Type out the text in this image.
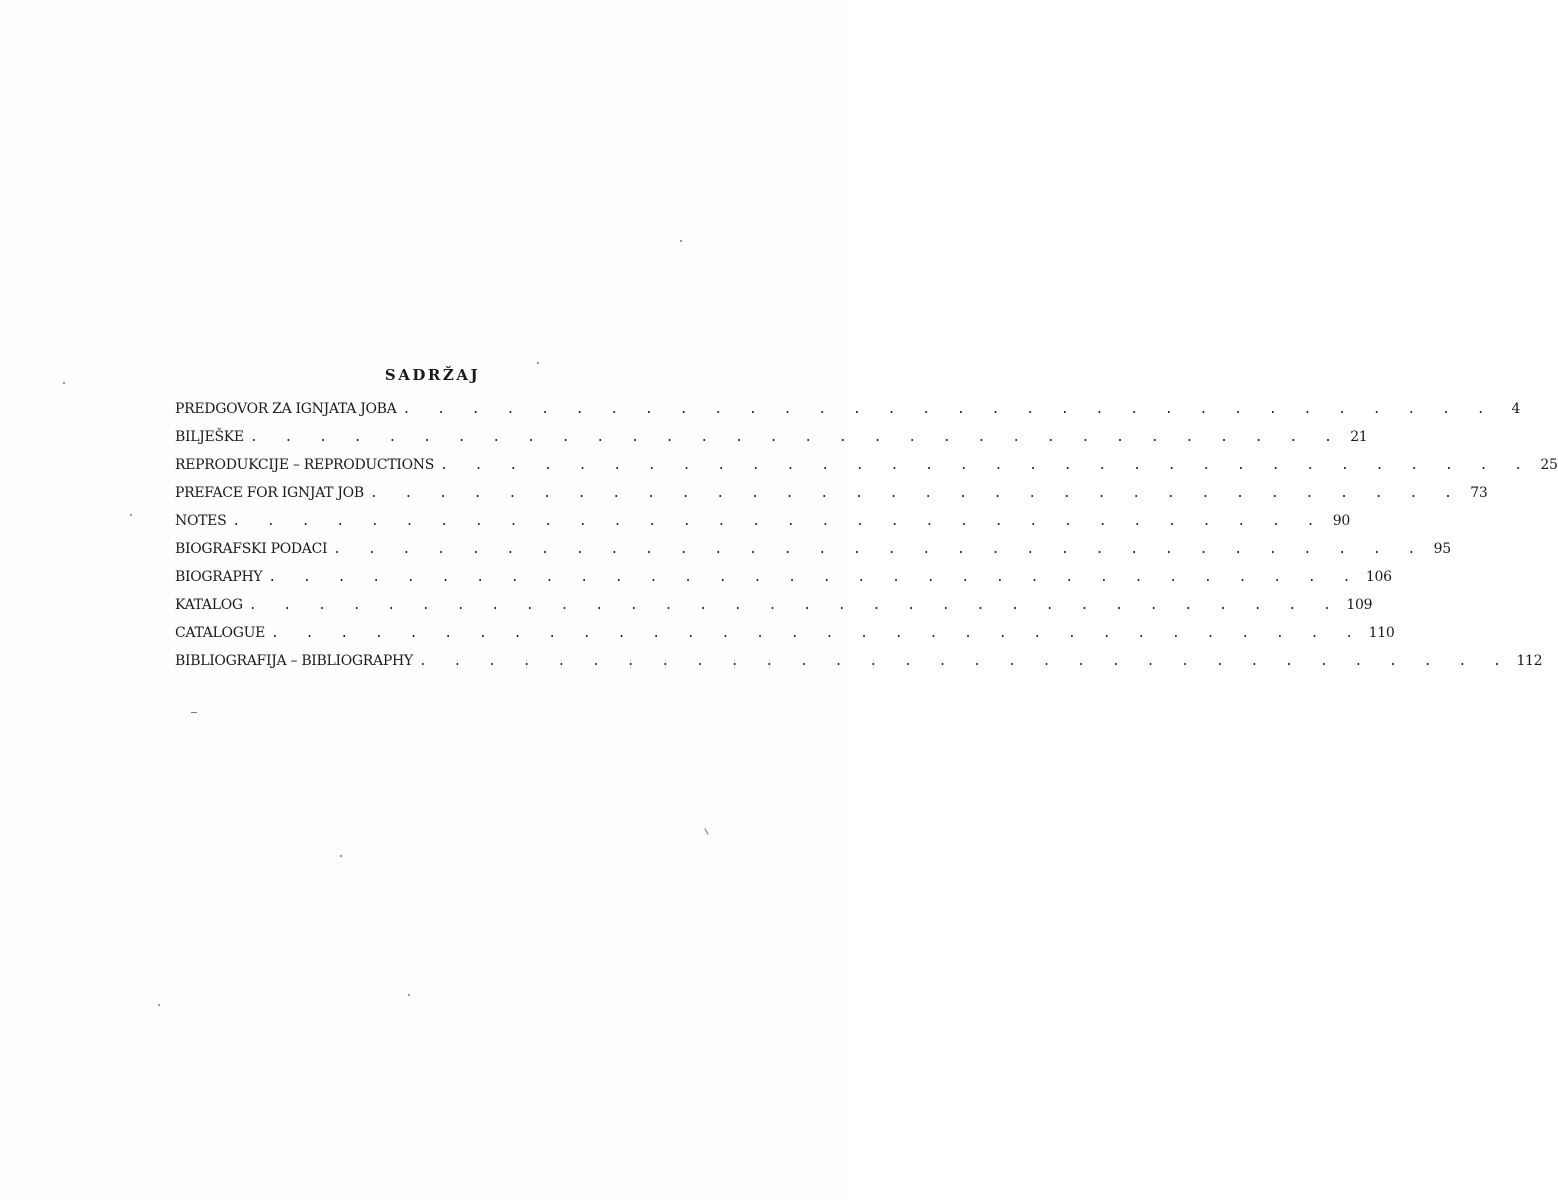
SADRŽAJ
PREDGOVOR ZA IGNJATA JOBA . . . . . . . . . . . . . . . . . . . . . . . . . . . . . . . .	4
BILJEŠKE . . . . . . . . . . . . . . . . . . . . . . . . . . . . . . . . 21
REPRODUKCIJE – REPRODUCTIONS . . . . . . . . . . . . . . . . . . . . . . . . . . . . . . . . 25
PREFACE FOR IGNJAT JOB . . . . . . . . . . . . . . . . . . . . . . . . . . . . . . . . 73
NOTES . . . . . . . . . . . . . . . . . . . . . . . . . . . . . . . . 90
BIOGRAFSKI PODACI . . . . . . . . . . . . . . . . . . . . . . . . . . . . . . . . 95
BIOGRAPHY . . . . . . . . . . . . . . . . . . . . . . . . . . . . . . . . 106
KATALOG . . . . . . . . . . . . . . . . . . . . . . . . . . . . . . . . 109
CATALOGUE . . . . . . . . . . . . . . . . . . . . . . . . . . . . . . . . 110
BIBLIOGRAFIJA – BIBLIOGRAPHY . . . . . . . . . . . . . . . . . . . . . . . . . . . . . . . . 112
